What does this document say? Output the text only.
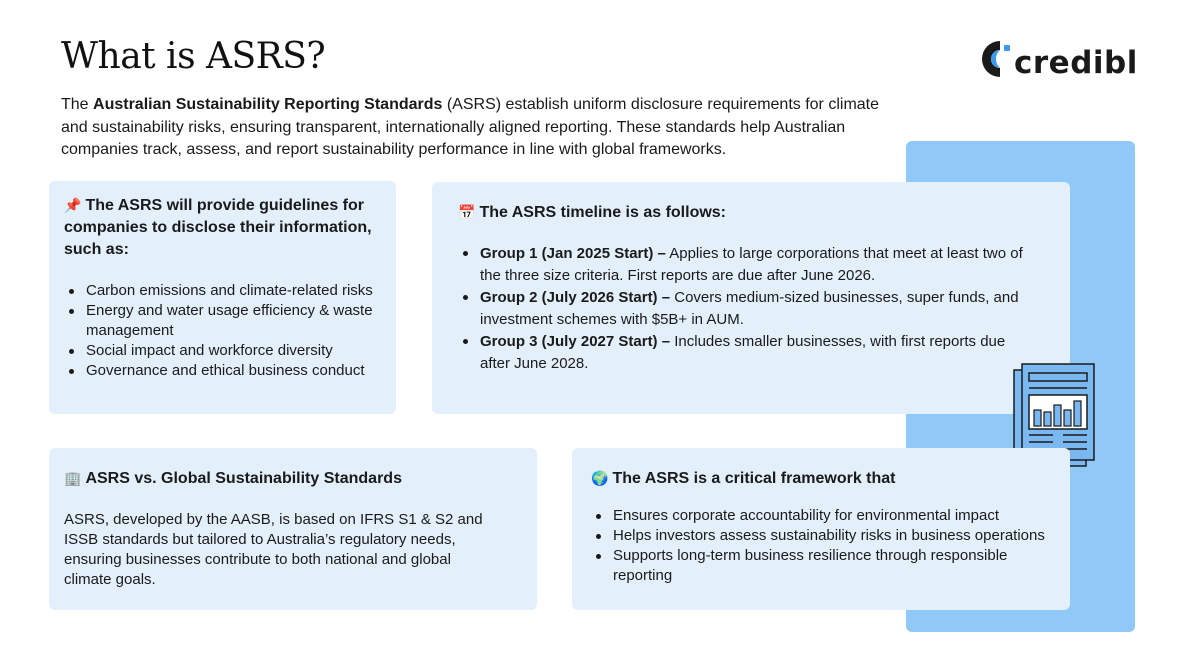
What is ASRS?	credibl

The Australian Sustainability Reporting Standards (ASRS) establish uniform disclosure requirements for climate and sustainability risks, ensuring transparent, internationally aligned reporting. These standards help Australian companies track, assess, and report sustainability performance in line with global frameworks.

📌 The ASRS will provide guidelines for companies to disclose their information, such as:
Carbon emissions and climate-related risks
Energy and water usage efficiency & waste management
Social impact and workforce diversity
Governance and ethical business conduct
📅 The ASRS timeline is as follows:
Group 1 (Jan 2025 Start) – Applies to large corporations that meet at least two of the three size criteria. First reports are due after June 2026.
Group 2 (July 2026 Start) – Covers medium-sized businesses, super funds, and investment schemes with $5B+ in AUM.
Group 3 (July 2027 Start) – Includes smaller businesses, with first reports due after June 2028.
🏢 ASRS vs. Global Sustainability Standards

ASRS, developed by the AASB, is based on IFRS S1 & S2 and ISSB standards but tailored to Australia’s regulatory needs, ensuring businesses contribute to both national and global climate goals.

🌍 The ASRS is a critical framework that
Ensures corporate accountability for environmental impact
Helps investors assess sustainability risks in business operations
Supports long-term business resilience through responsible reporting
